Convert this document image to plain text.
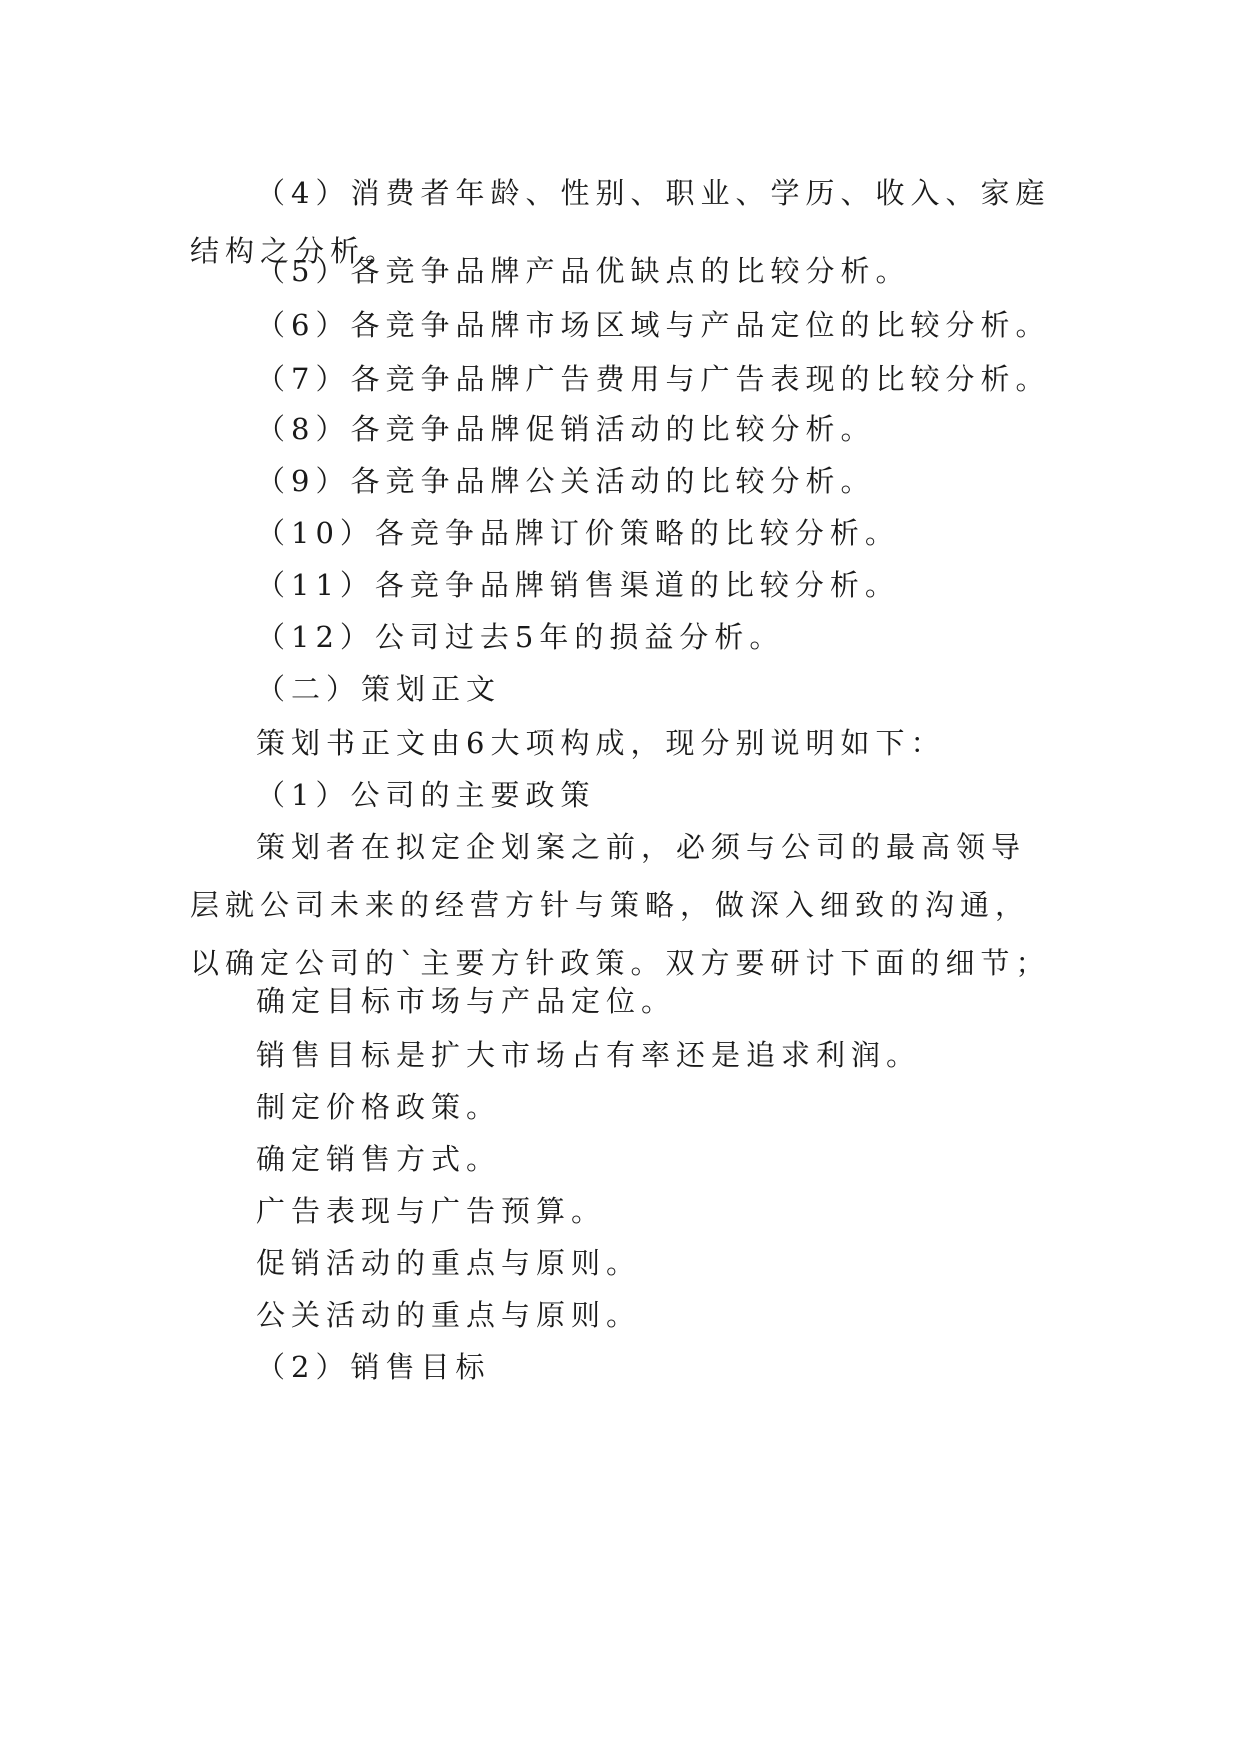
（4）消费者年龄、性别、职业、学历、收入、家庭结构之分析。

（5）各竞争品牌产品优缺点的比较分析。

（6）各竞争品牌市场区域与产品定位的比较分析。

（7）各竞争品牌广告费用与广告表现的比较分析。

（8）各竞争品牌促销活动的比较分析。

（9）各竞争品牌公关活动的比较分析。

（10）各竞争品牌订价策略的比较分析。

（11）各竞争品牌销售渠道的比较分析。

（12）公司过去5年的损益分析。

（二）策划正文

策划书正文由6大项构成，现分别说明如下：

（1）公司的主要政策

策划者在拟定企划案之前，必须与公司的最高领导层就公司未来的经营方针与策略，做深入细致的沟通，以确定公司的`主要方针政策。双方要研讨下面的细节；

确定目标市场与产品定位。

销售目标是扩大市场占有率还是追求利润。

制定价格政策。

确定销售方式。

广告表现与广告预算。

促销活动的重点与原则。

公关活动的重点与原则。

（2）销售目标
